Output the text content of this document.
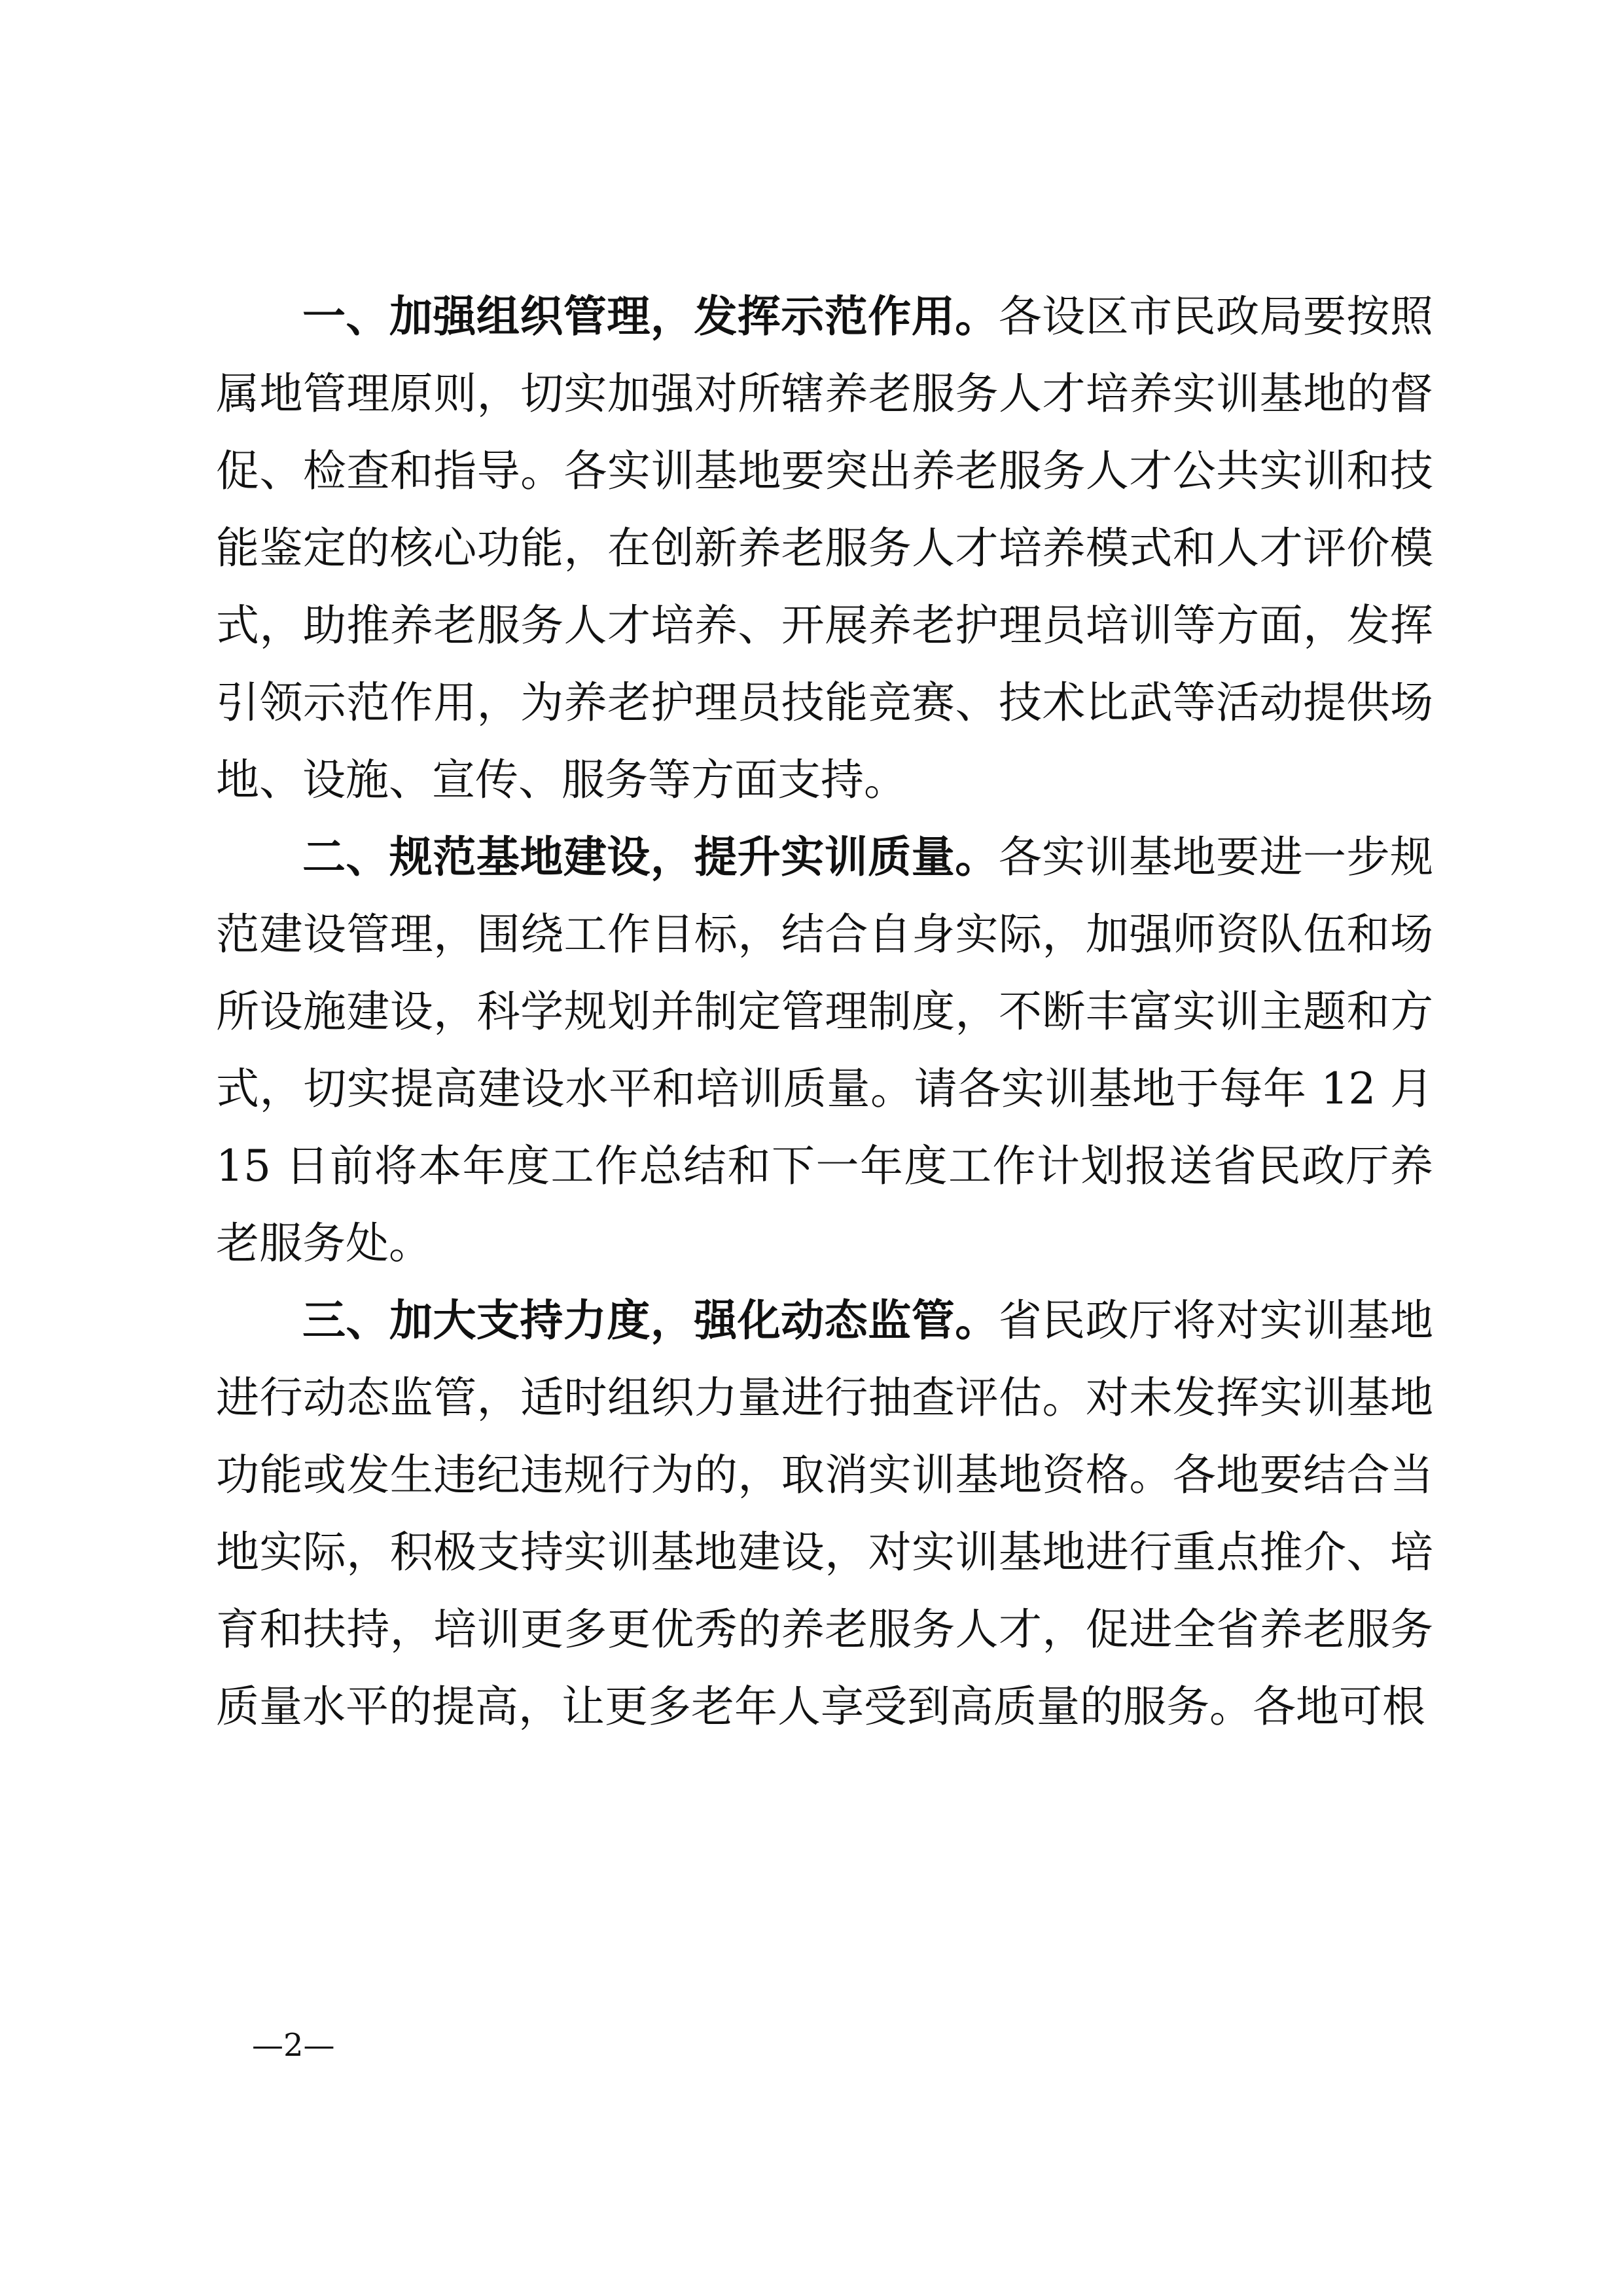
一、加强组织管理，发挥示范作用。各设区市民政局要按照属地管理原则，切实加强对所辖养老服务人才培养实训基地的督促、检查和指导。各实训基地要突出养老服务人才公共实训和技能鉴定的核心功能，在创新养老服务人才培养模式和人才评价模式，助推养老服务人才培养、开展养老护理员培训等方面，发挥引领示范作用，为养老护理员技能竞赛、技术比武等活动提供场地、设施、宣传、服务等方面支持。

二、规范基地建设，提升实训质量。各实训基地要进一步规范建设管理，围绕工作目标，结合自身实际，加强师资队伍和场所设施建设，科学规划并制定管理制度，不断丰富实训主题和方式，切实提高建设水平和培训质量。请各实训基地于每年 12 月 15 日前将本年度工作总结和下一年度工作计划报送省民政厅养老服务处。

三、加大支持力度，强化动态监管。省民政厅将对实训基地进行动态监管，适时组织力量进行抽查评估。对未发挥实训基地功能或发生违纪违规行为的，取消实训基地资格。各地要结合当地实际，积极支持实训基地建设，对实训基地进行重点推介、培育和扶持，培训更多更优秀的养老服务人才，促进全省养老服务质量水平的提高，让更多老年人享受到高质量的服务。各地可根

—2—
